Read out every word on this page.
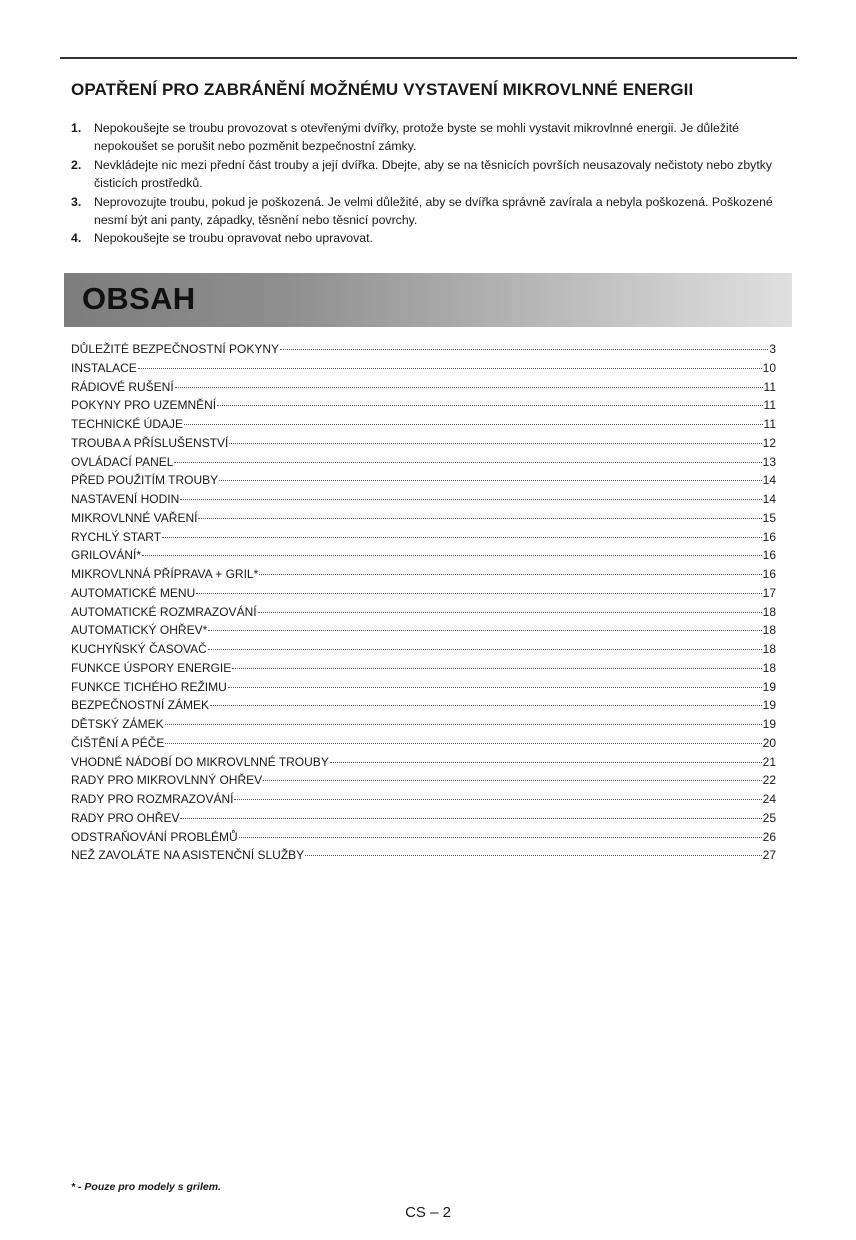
OPATŘENÍ PRO ZABRÁNĚNÍ MOŽNÉMU VYSTAVENÍ MIKROVLNNÉ ENERGII
1. Nepokoušejte se troubu provozovat s otevřenými dvířky, protože byste se mohli vystavit mikrovlnné energii. Je důležité nepokoušet se porušit nebo pozměnit bezpečnostní zámky.
2. Nevkládejte nic mezi přední část trouby a její dvířka. Dbejte, aby se na těsnicích površích neusazovaly nečistoty nebo zbytky čisticích prostředků.
3. Neprovozujte troubu, pokud je poškozená. Je velmi důležité, aby se dvířka správně zavírala a nebyla poškozená. Poškozené nesmí být ani panty, západky, těsnění nebo těsnicí povrchy.
4. Nepokoušejte se troubu opravovat nebo upravovat.
OBSAH
DŮLEŽITÉ BEZPEČNOSTNÍ POKYNY	3
INSTALACE	10
RÁDIOVÉ RUŠENÍ	11
POKYNY PRO UZEMNĚNÍ	11
TECHNICKÉ ÚDAJE	11
TROUBA A PŘÍSLUŠENSTVÍ	12
OVLÁDACÍ PANEL	13
PŘED POUŽITÍM TROUBY	14
NASTAVENÍ HODIN	14
MIKROVLNNÉ VAŘENÍ	15
RYCHLÝ START	16
GRILOVÁNÍ*	16
MIKROVLNNÁ PŘÍPRAVA + GRIL*	16
AUTOMATICKÉ MENU	17
AUTOMATICKÉ ROZMRAZOVÁNÍ	18
AUTOMATICKÝ OHŘEV*	18
KUCHYŇSKÝ ČASOVAČ	18
FUNKCE ÚSPORY ENERGIE	18
FUNKCE TICHÉHO REŽIMU	19
BEZPEČNOSTNÍ ZÁMEK	19
DĚTSKÝ ZÁMEK	19
ČIŠTĚNÍ A PÉČE	20
VHODNÉ NÁDOBÍ DO MIKROVLNNÉ TROUBY	21
RADY PRO MIKROVLNNÝ OHŘEV	22
RADY PRO ROZMRAZOVÁNÍ	24
RADY PRO OHŘEV	25
ODSTRAŇOVÁNÍ PROBLÉMŮ	26
NEŽ ZAVOLÁTE NA ASISTENČNÍ SLUŽBY	27
* - Pouze pro modely s grilem.
CS – 2
